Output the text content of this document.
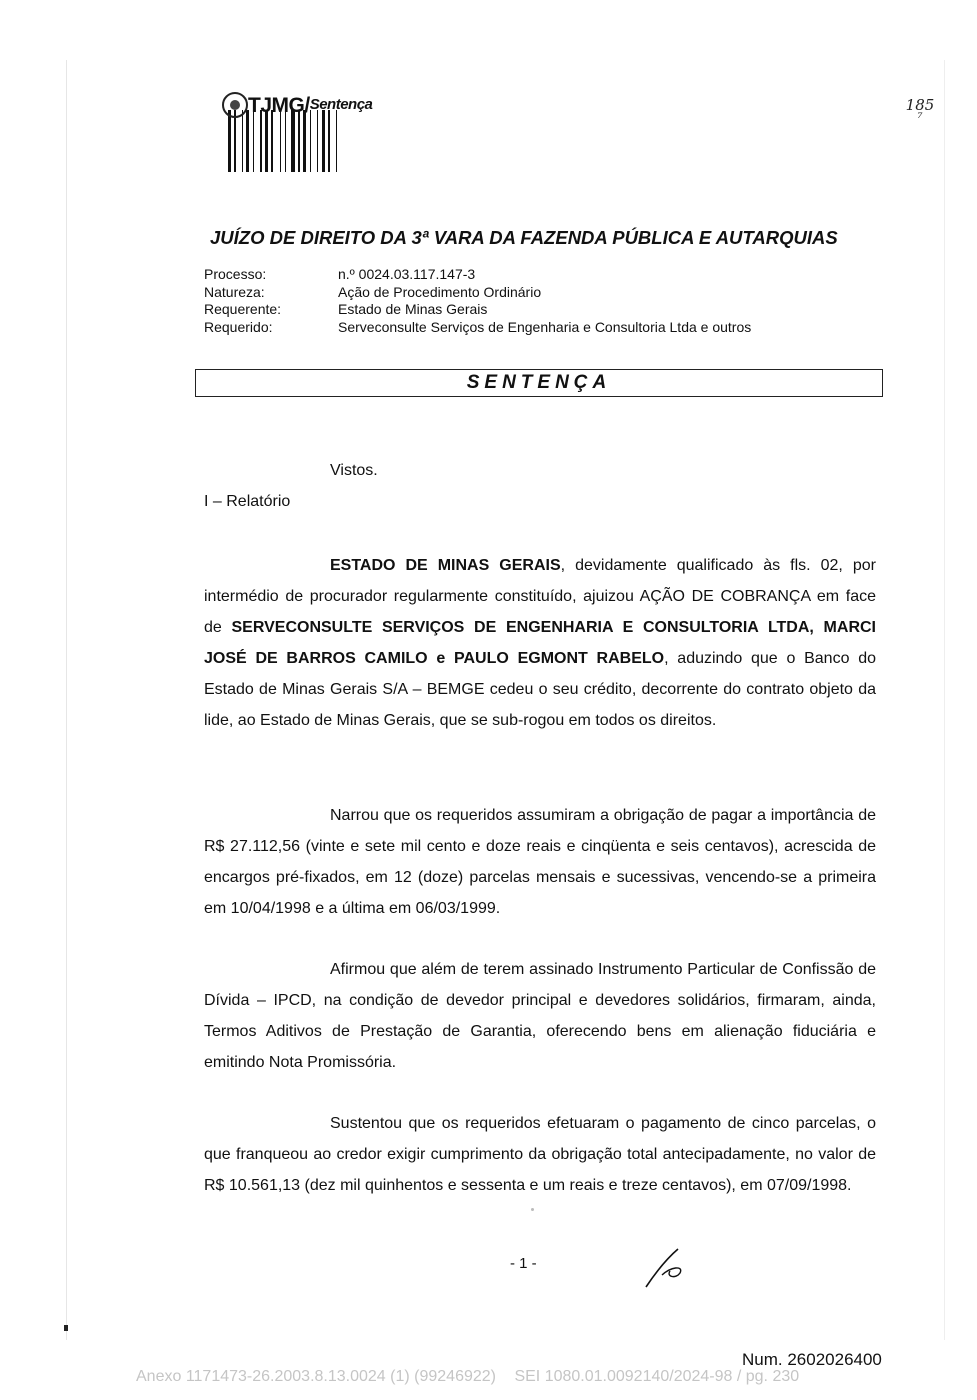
TJMG/$^{Sentença}$	185
⁷
JUÍZO DE DIREITO DA 3ª VARA DA FAZENDA PÚBLICA E AUTARQUIAS
Processo:	n.º 0024.03.117.147-3
Natureza:	Ação de Procedimento Ordinário
Requerente:	Estado de Minas Gerais
Requerido:	Serveconsulte Serviços de Engenharia e Consultoria Ltda e outros
SENTENÇA
Vistos.
I – Relatório

ESTADO DE MINAS GERAIS, devidamente qualificado às fls. 02, por intermédio de procurador regularmente constituído, ajuizou AÇÃO DE COBRANÇA em face de SERVECONSULTE SERVIÇOS DE ENGENHARIA E CONSULTORIA LTDA, MARCI JOSÉ DE BARROS CAMILO e PAULO EGMONT RABELO, aduzindo que o Banco do Estado de Minas Gerais S/A – BEMGE cedeu o seu crédito, decorrente do contrato objeto da lide, ao Estado de Minas Gerais, que se sub-rogou em todos os direitos.

Narrou que os requeridos assumiram a obrigação de pagar a importância de R$ 27.112,56 (vinte e sete mil cento e doze reais e cinqüenta e seis centavos), acrescida de encargos pré-fixados, em 12 (doze) parcelas mensais e sucessivas, vencendo-se a primeira em 10/04/1998 e a última em 06/03/1999.

Afirmou que além de terem assinado Instrumento Particular de Confissão de Dívida – IPCD, na condição de devedor principal e devedores solidários, firmaram, ainda, Termos Aditivos de Prestação de Garantia, oferecendo bens em alienação fiduciária e emitindo Nota Promissória.

Sustentou que os requeridos efetuaram o pagamento de cinco parcelas, o que franqueou ao credor exigir cumprimento da obrigação total antecipadamente, no valor de R$ 10.561,13 (dez mil quinhentos e sessenta e um reais e treze centavos), em 07/09/1998.

- 1 -
Num. 2602026400
Anexo 1171473-26.2003.8.13.0024 (1) (99246922) SEI 1080.01.0092140/2024-98 / pg. 230
